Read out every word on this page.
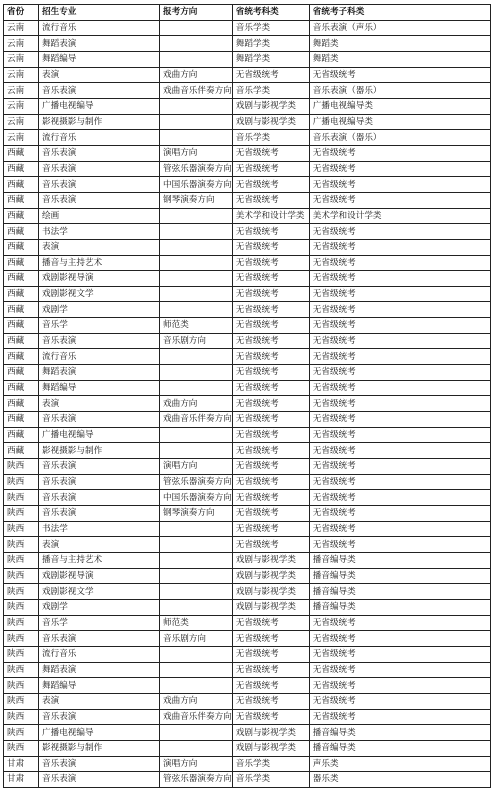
省份	招生专业	报考方向	省统考科类	省统考子科类
云南	流行音乐		音乐学类	音乐表演（声乐）
云南	舞蹈表演		舞蹈学类	舞蹈类
云南	舞蹈编导		舞蹈学类	舞蹈类
云南	表演	戏曲方向	无省级统考	无省级统考
云南	音乐表演	戏曲音乐伴奏方向	音乐学类	音乐表演（器乐）
云南	广播电视编导		戏剧与影视学类	广播电视编导类
云南	影视摄影与制作		戏剧与影视学类	广播电视编导类
云南	流行音乐		音乐学类	音乐表演（器乐）
西藏	音乐表演	演唱方向	无省级统考	无省级统考
西藏	音乐表演	管弦乐器演奏方向	无省级统考	无省级统考
西藏	音乐表演	中国乐器演奏方向	无省级统考	无省级统考
西藏	音乐表演	钢琴演奏方向	无省级统考	无省级统考
西藏	绘画		美术学和设计学类	美术学和设计学类
西藏	书法学		无省级统考	无省级统考
西藏	表演		无省级统考	无省级统考
西藏	播音与主持艺术		无省级统考	无省级统考
西藏	戏剧影视导演		无省级统考	无省级统考
西藏	戏剧影视文学		无省级统考	无省级统考
西藏	戏剧学		无省级统考	无省级统考
西藏	音乐学	师范类	无省级统考	无省级统考
西藏	音乐表演	音乐剧方向	无省级统考	无省级统考
西藏	流行音乐		无省级统考	无省级统考
西藏	舞蹈表演		无省级统考	无省级统考
西藏	舞蹈编导		无省级统考	无省级统考
西藏	表演	戏曲方向	无省级统考	无省级统考
西藏	音乐表演	戏曲音乐伴奏方向	无省级统考	无省级统考
西藏	广播电视编导		无省级统考	无省级统考
西藏	影视摄影与制作		无省级统考	无省级统考
陕西	音乐表演	演唱方向	无省级统考	无省级统考
陕西	音乐表演	管弦乐器演奏方向	无省级统考	无省级统考
陕西	音乐表演	中国乐器演奏方向	无省级统考	无省级统考
陕西	音乐表演	钢琴演奏方向	无省级统考	无省级统考
陕西	书法学		无省级统考	无省级统考
陕西	表演		无省级统考	无省级统考
陕西	播音与主持艺术		戏剧与影视学类	播音编导类
陕西	戏剧影视导演		戏剧与影视学类	播音编导类
陕西	戏剧影视文学		戏剧与影视学类	播音编导类
陕西	戏剧学		戏剧与影视学类	播音编导类
陕西	音乐学	师范类	无省级统考	无省级统考
陕西	音乐表演	音乐剧方向	无省级统考	无省级统考
陕西	流行音乐		无省级统考	无省级统考
陕西	舞蹈表演		无省级统考	无省级统考
陕西	舞蹈编导		无省级统考	无省级统考
陕西	表演	戏曲方向	无省级统考	无省级统考
陕西	音乐表演	戏曲音乐伴奏方向	无省级统考	无省级统考
陕西	广播电视编导		戏剧与影视学类	播音编导类
陕西	影视摄影与制作		戏剧与影视学类	播音编导类
甘肃	音乐表演	演唱方向	音乐学类	声乐类
甘肃	音乐表演	管弦乐器演奏方向	音乐学类	器乐类
